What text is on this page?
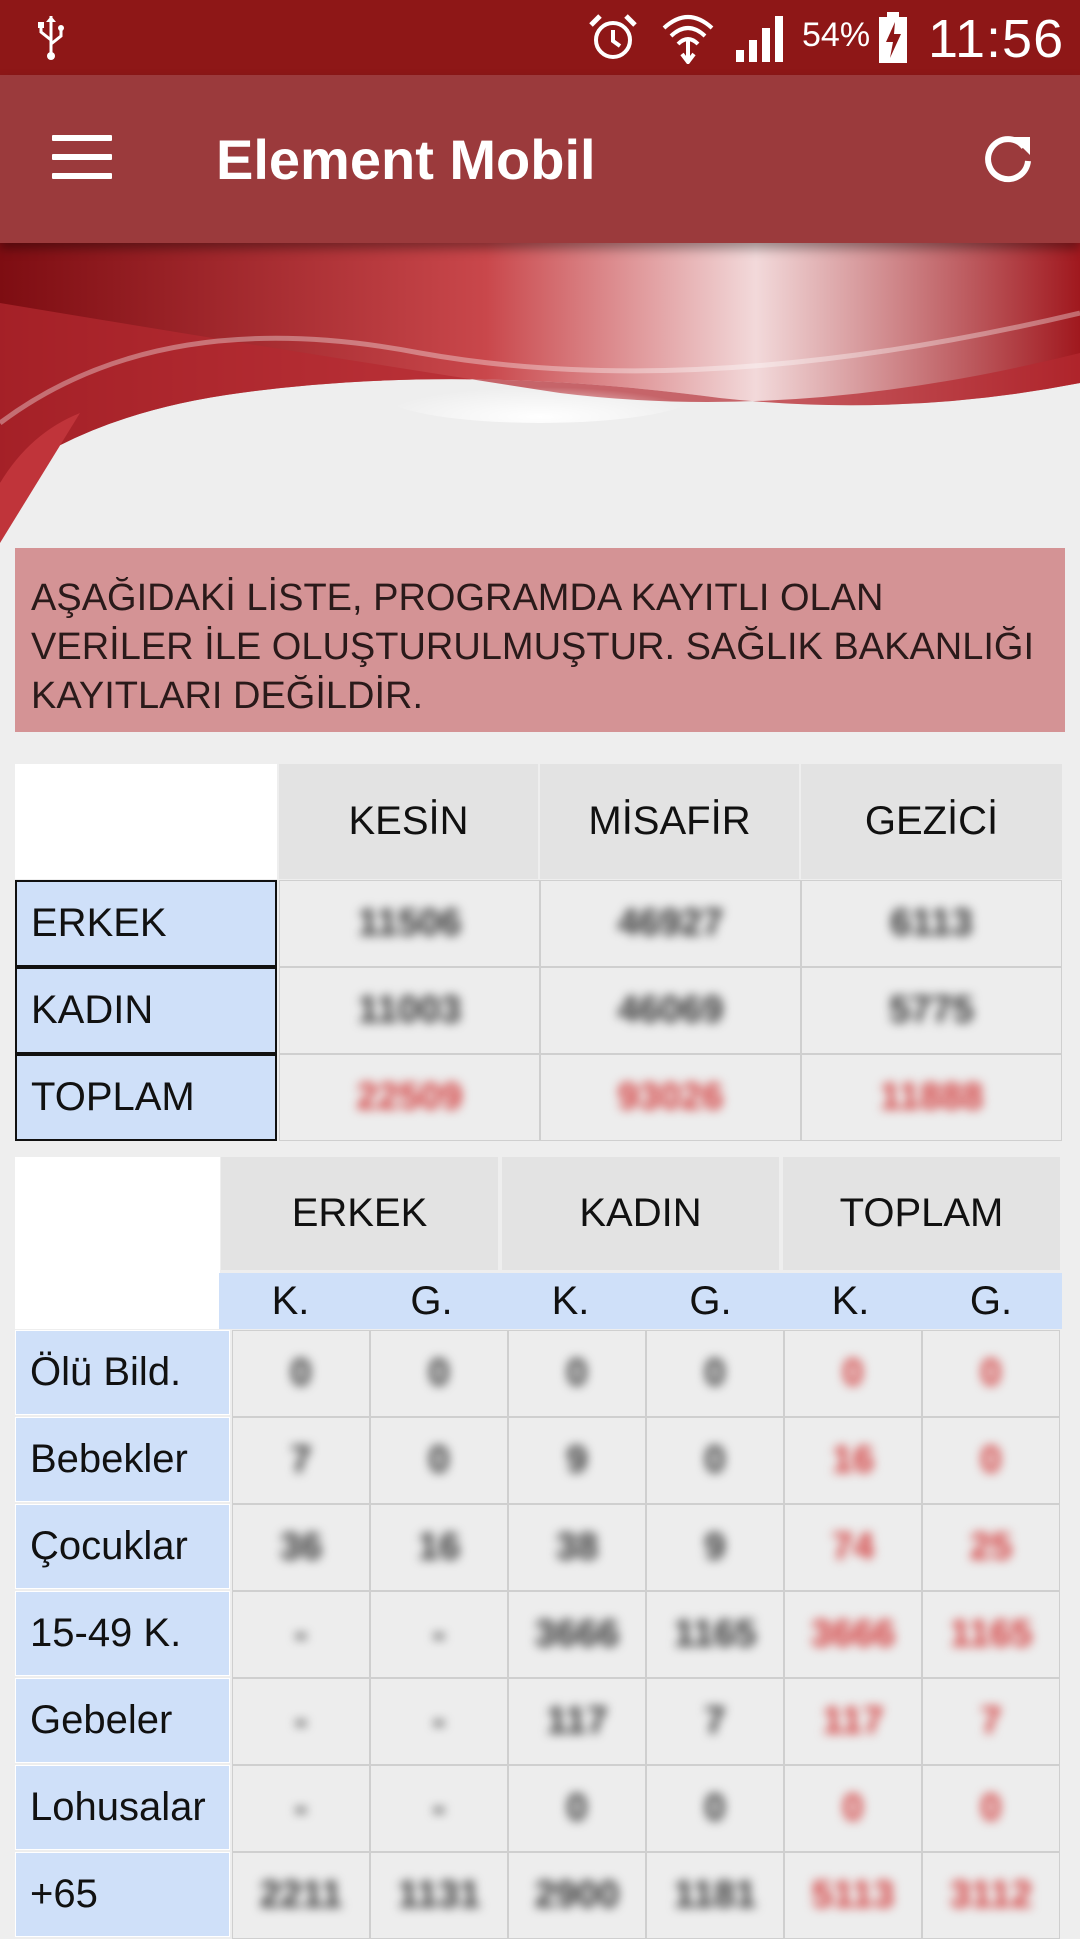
54% 11:56
Element Mobil
AŞAĞIDAKİ LİSTE, PROGRAMDA KAYITLI OLAN VERİLER İLE OLUŞTURULMUŞTUR. SAĞLIK BAKANLIĞI KAYITLARI DEĞİLDİR.
KESİN	MİSAFİR	GEZİCİ
ERKEK	11506	46927	6113
KADIN	11003	46069	5775
TOPLAM	22509	93026	11888
ERKEK	KADIN	TOPLAM
K.	G.	K.	G.	K.	G.
Ölü Bild.	0	0	0	0	0	0
Bebekler	7	0	9	0	16	0
Çocuklar	36	16	38	9	74	25
15-49 K.	-	- 3666 1165 3666 1165
Gebeler	-	-	117	7	117	7
Lohusalar	-	-	0	0	0	0
+65	2211 1131 2900 1181 5113 3112
